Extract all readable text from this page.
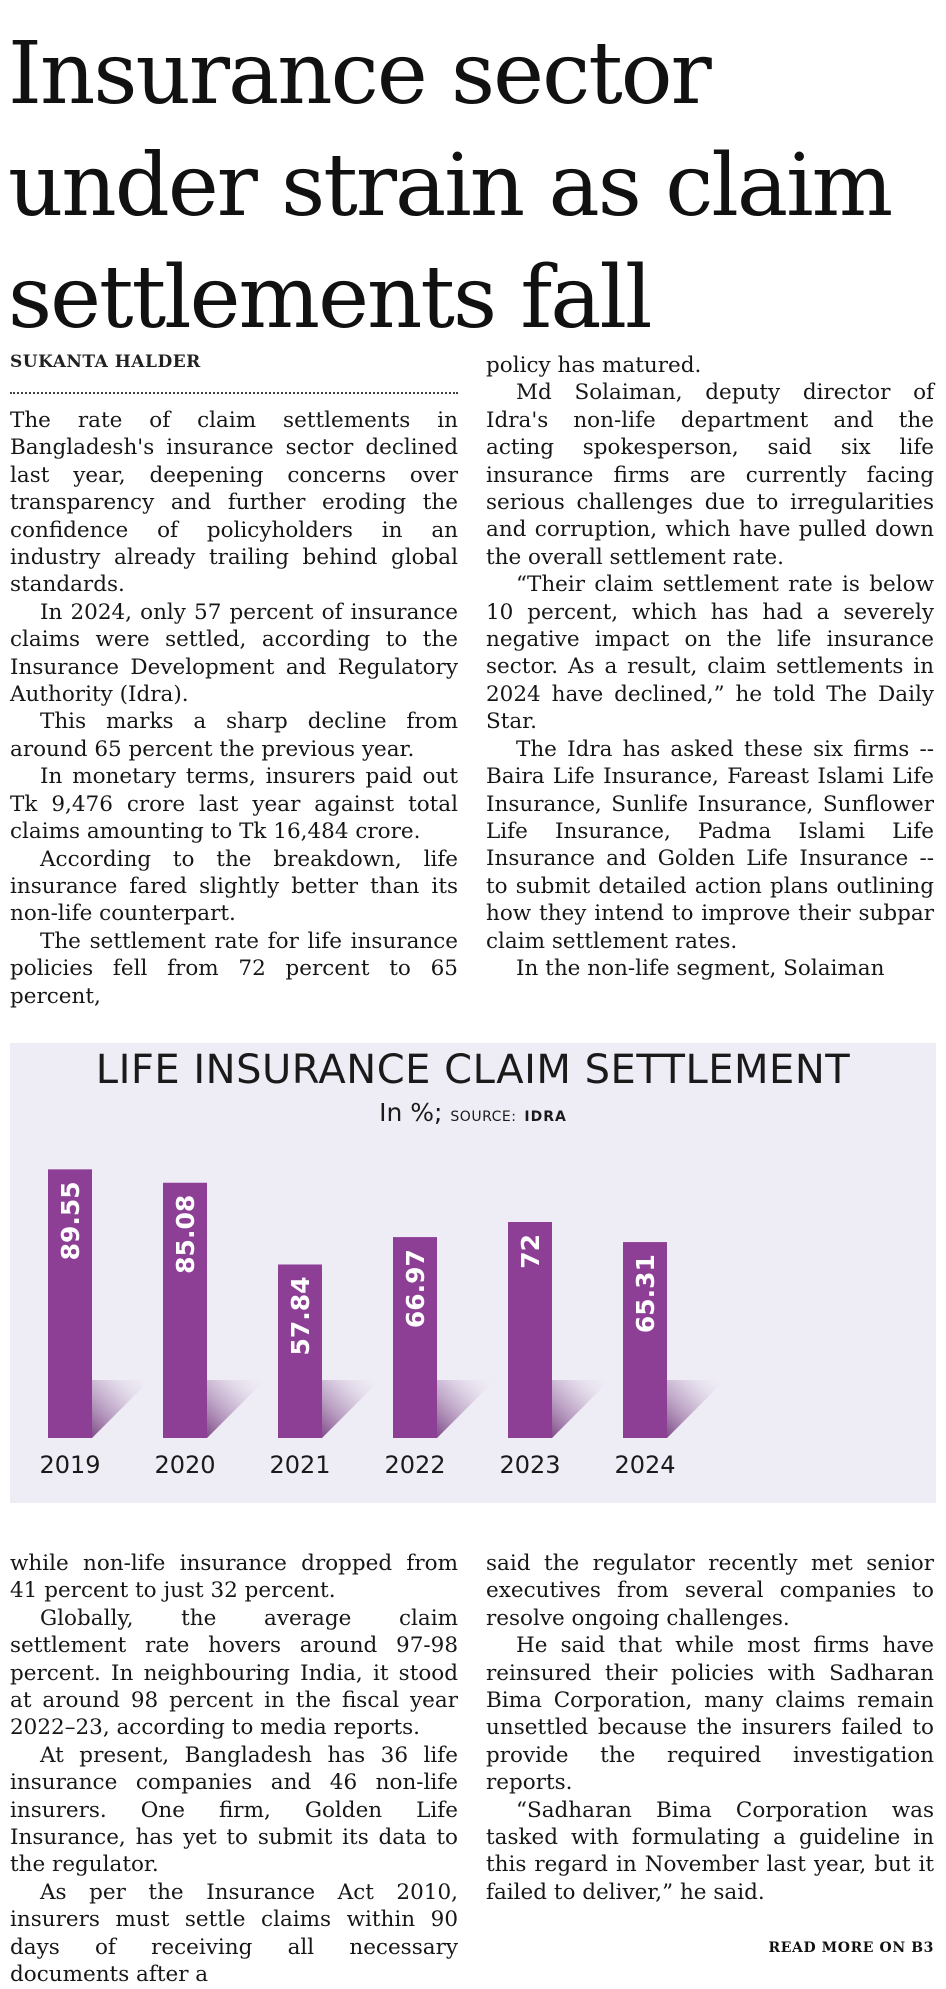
Insurance sector
under strain as claim
settlements fall
SUKANTA HALDER

The rate of claim settlements in Bangladesh's insurance sector declined last year, deepening concerns over transparency and further eroding the confidence of policyholders in an industry already trailing behind global standards.

In 2024, only 57 percent of insurance claims were settled, according to the Insurance Development and Regulatory Authority (Idra).

This marks a sharp decline from around 65 percent the previous year.

In monetary terms, insurers paid out Tk 9,476 crore last year against total claims amounting to Tk 16,484 crore.

According to the breakdown, life insurance fared slightly better than its non-life counterpart.

The settlement rate for life insurance policies fell from 72 percent to 65 percent,

policy has matured.

Md Solaiman, deputy director of Idra's non-life department and the acting spokesperson, said six life insurance firms are currently facing serious challenges due to irregularities and corruption, which have pulled down the overall settlement rate.

“Their claim settlement rate is below 10 percent, which has had a severely negative impact on the life insurance sector. As a result, claim settlements in 2024 have declined,” he told The Daily Star.

The Idra has asked these six firms -- Baira Life Insurance, Fareast Islami Life Insurance, Sunlife Insurance, Sunflower Life Insurance, Padma Islami Life Insurance and Golden Life Insurance -- to submit detailed action plans outlining how they intend to improve their subpar claim settlement rates.

In the non-life segment, Solaiman

LIFE INSURANCE CLAIM SETTLEMENT
In %; SOURCE: IDRA
89.55
2019
85.08
2020
57.84
2021
66.97
2022
72
2023
65.31
2024

while non-life insurance dropped from 41 percent to just 32 percent.

Globally, the average claim settlement rate hovers around 97-98 percent. In neighbouring India, it stood at around 98 percent in the fiscal year 2022–23, according to media reports.

At present, Bangladesh has 36 life insurance companies and 46 non-life insurers. One firm, Golden Life Insurance, has yet to submit its data to the regulator.

As per the Insurance Act 2010, insurers must settle claims within 90 days of receiving all necessary documents after a

said the regulator recently met senior executives from several companies to resolve ongoing challenges.

He said that while most firms have reinsured their policies with Sadharan Bima Corporation, many claims remain unsettled because the insurers failed to provide the required investigation reports.

“Sadharan Bima Corporation was tasked with formulating a guideline in this regard in November last year, but it failed to deliver,” he said.

READ MORE ON B3
